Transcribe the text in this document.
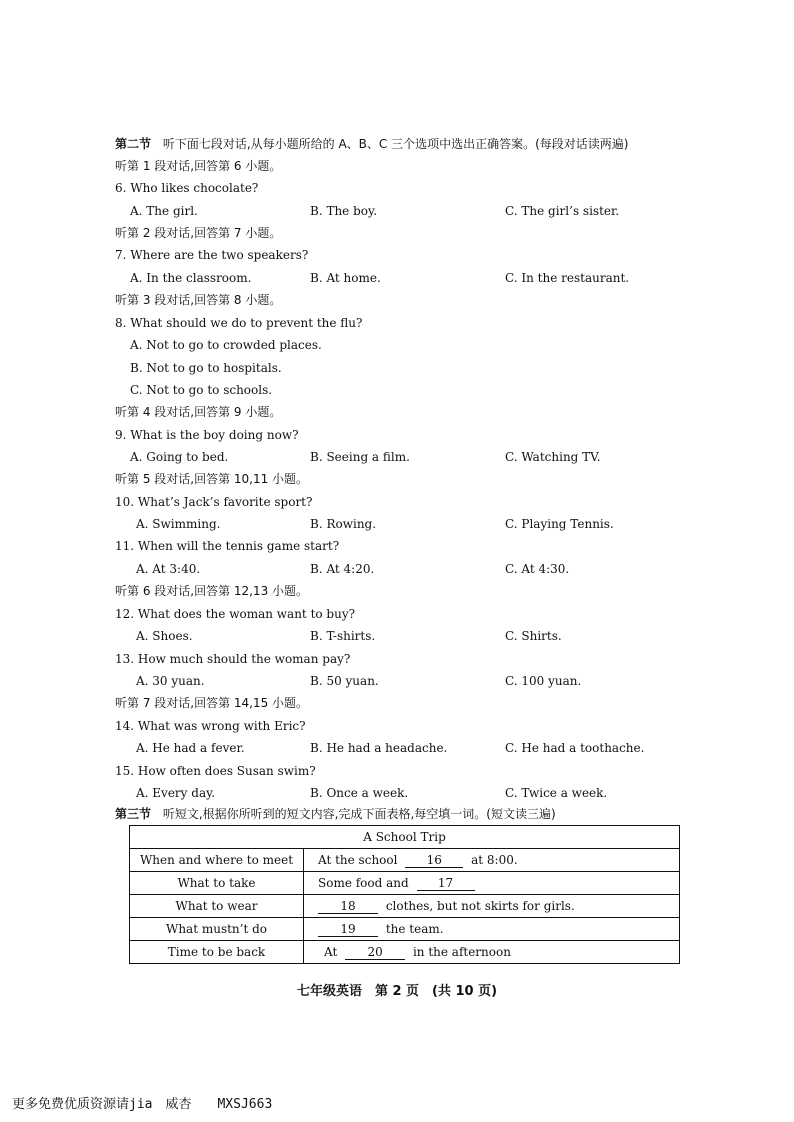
第二节 听下面七段对话,从每小题所给的 A、B、C 三个选项中选出正确答案。(每段对话读两遍)
听第 1 段对话,回答第 6 小题。
6. Who likes chocolate?
A. The girl.	B. The boy.	C. The girl’s sister.
听第 2 段对话,回答第 7 小题。
7. Where are the two speakers?
A. In the classroom.	B. At home.	C. In the restaurant.
听第 3 段对话,回答第 8 小题。
8. What should we do to prevent the flu?
A. Not to go to crowded places.
B. Not to go to hospitals.
C. Not to go to schools.
听第 4 段对话,回答第 9 小题。
9. What is the boy doing now?
A. Going to bed.	B. Seeing a film.	C. Watching TV.
听第 5 段对话,回答第 10,11 小题。
10. What’s Jack’s favorite sport?
A. Swimming.	B. Rowing.	C. Playing Tennis.
11. When will the tennis game start?
A. At 3:40.	B. At 4:20.	C. At 4:30.
听第 6 段对话,回答第 12,13 小题。
12. What does the woman want to buy?
A. Shoes.	B. T-shirts.	C. Shirts.
13. How much should the woman pay?
A. 30 yuan.	B. 50 yuan.	C. 100 yuan.
听第 7 段对话,回答第 14,15 小题。
14. What was wrong with Eric?
A. He had a fever.	B. He had a headache.	C. He had a toothache.
15. How often does Susan swim?
A. Every day.	B. Once a week.	C. Twice a week.
第三节 听短文,根据你所听到的短文内容,完成下面表格,每空填一词。(短文读三遍)
A School Trip	
When and where to meet	At the school 16 at 8:00.
What to take	Some food and 17
What to wear	18 clothes, but not skirts for girls.
What mustn’t do	19 the team.
Time to be back	At 20 in the afternoon
七年级英语　第 2 页　(共 10 页)
更多免费优质资源请jia　威杏　　MXSJ663
